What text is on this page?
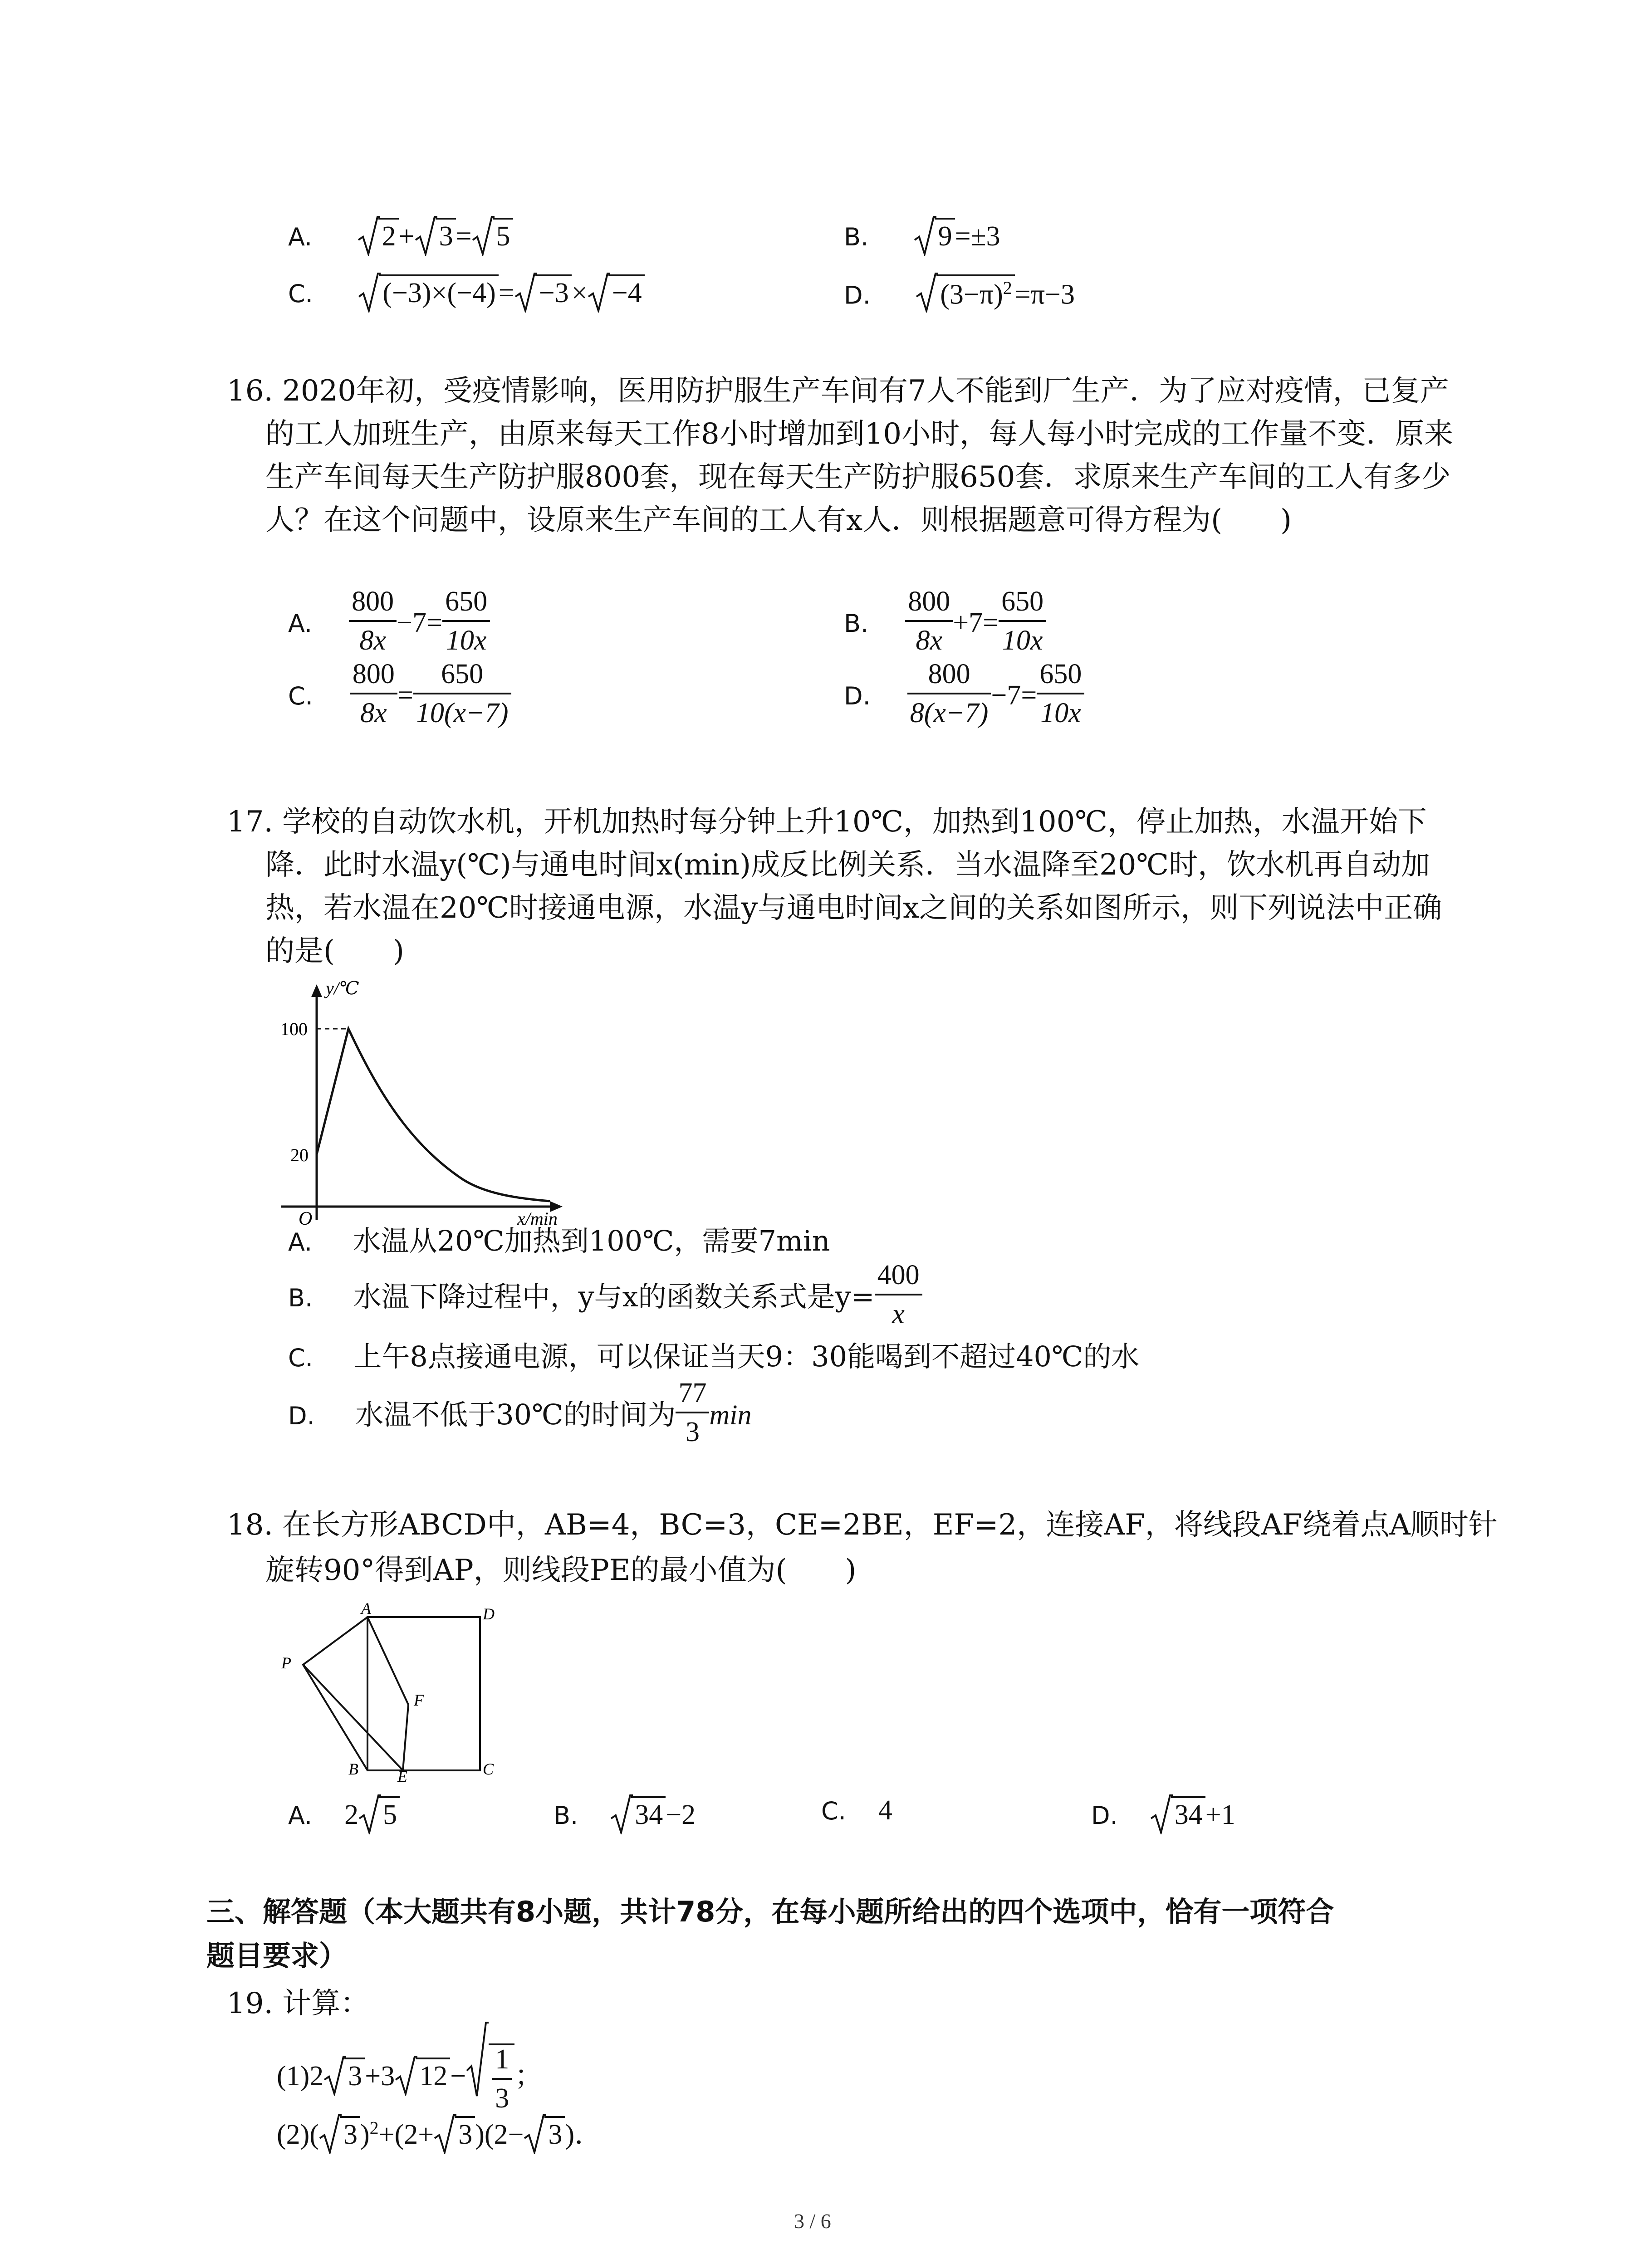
A. 2+ 3= 5	B. 9=±3
C. (−3)×(−4)= −3× −4	D. $(3-\pi)^2=\pi-3$
16. 2020年初，受疫情影响，医用防护服生产车间有7人不能到厂生产．为了应对疫情，已复产的工人加班生产，由原来每天工作8小时增加到10小时，每人每小时完成的工作量不变．原来生产车间每天生产防护服800套，现在每天生产防护服650套．求原来生产车间的工人有多少人？在这个问题中，设原来生产车间的工人有x人．则根据题意可得方程为(　　)
A. $\frac{800}{8x} -7= \frac{650}{10x}$	B. $\frac{800}{8x} +7= \frac{650}{10x}$
C. $\frac{800}{8x} = \frac{650}{10(x-7)}$	D. $\frac{800}{8(x-7)} -7= \frac{650}{10x}$
17. 学校的自动饮水机，开机加热时每分钟上升10℃，加热到100℃，停止加热，水温开始下降．此时水温y(℃)与通电时间x(min)成反比例关系．当水温降至20℃时，饮水机再自动加热，若水温在20℃时接通电源，水温y与通电时间x之间的关系如图所示，则下列说法中正确的是(　　)
y/℃
x/min
O
100
20
A. 水温从20℃加热到100℃，需要7min
B. 水温下降过程中，y与x的函数关系式是$y= \frac{400}{x}$
C. 上午8点接通电源，可以保证当天9：30能喝到不超过40℃的水
D. 水温不低于30℃的时间为 $\frac{77}{3}$ min
18. 在长方形ABCD中，AB=4，BC=3，CE=2BE，EF=2，连接AF，将线段AF绕着点A顺时针
旋转90°得到AP，则线段PE的最小值为(　　)
A	D
P
F
B E	C
A. 2 5	B. 34−2	C. 4	D. 34+1
三、解答题（本大题共有8小题，共计78分，在每小题所给出的四个选项中，恰有一项符合
题目要求）
19. 计算：
(1)2 3+3 $12- \frac{1}{3}$ ；
(2)( 3)$^2$+(2+ 3)(2− 3)．
3 / 6
